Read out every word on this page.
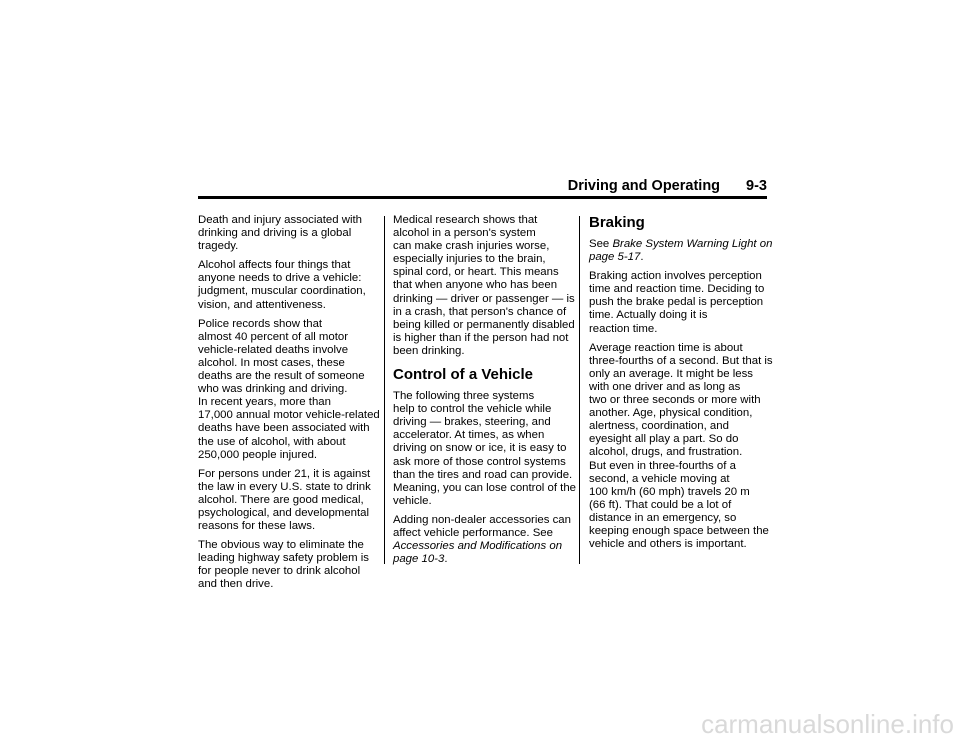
Driving and Operating 9-3

Death and injury associated with
drinking and driving is a global
tragedy.

Alcohol affects four things that
anyone needs to drive a vehicle:
judgment, muscular coordination,
vision, and attentiveness.

Police records show that
almost 40 percent of all motor
vehicle-related deaths involve
alcohol. In most cases, these
deaths are the result of someone
who was drinking and driving.
In recent years, more than
17,000 annual motor vehicle-related
deaths have been associated with
the use of alcohol, with about
250,000 people injured.

For persons under 21, it is against
the law in every U.S. state to drink
alcohol. There are good medical,
psychological, and developmental
reasons for these laws.

The obvious way to eliminate the
leading highway safety problem is
for people never to drink alcohol
and then drive.

Medical research shows that
alcohol in a person's system
can make crash injuries worse,
especially injuries to the brain,
spinal cord, or heart. This means
that when anyone who has been
drinking — driver or passenger — is
in a crash, that person's chance of
being killed or permanently disabled
is higher than if the person had not
been drinking.

Control of a Vehicle

The following three systems
help to control the vehicle while
driving — brakes, steering, and
accelerator. At times, as when
driving on snow or ice, it is easy to
ask more of those control systems
than the tires and road can provide.
Meaning, you can lose control of the
vehicle.

Adding non-dealer accessories can
affect vehicle performance. See
Accessories and Modifications on
page 10-3.

Braking

See Brake System Warning Light on
page 5-17.

Braking action involves perception
time and reaction time. Deciding to
push the brake pedal is perception
time. Actually doing it is
reaction time.

Average reaction time is about
three-fourths of a second. But that is
only an average. It might be less
with one driver and as long as
two or three seconds or more with
another. Age, physical condition,
alertness, coordination, and
eyesight all play a part. So do
alcohol, drugs, and frustration.
But even in three-fourths of a
second, a vehicle moving at
100 km/h (60 mph) travels 20 m
(66 ft). That could be a lot of
distance in an emergency, so
keeping enough space between the
vehicle and others is important.

carmanualsonline.info
